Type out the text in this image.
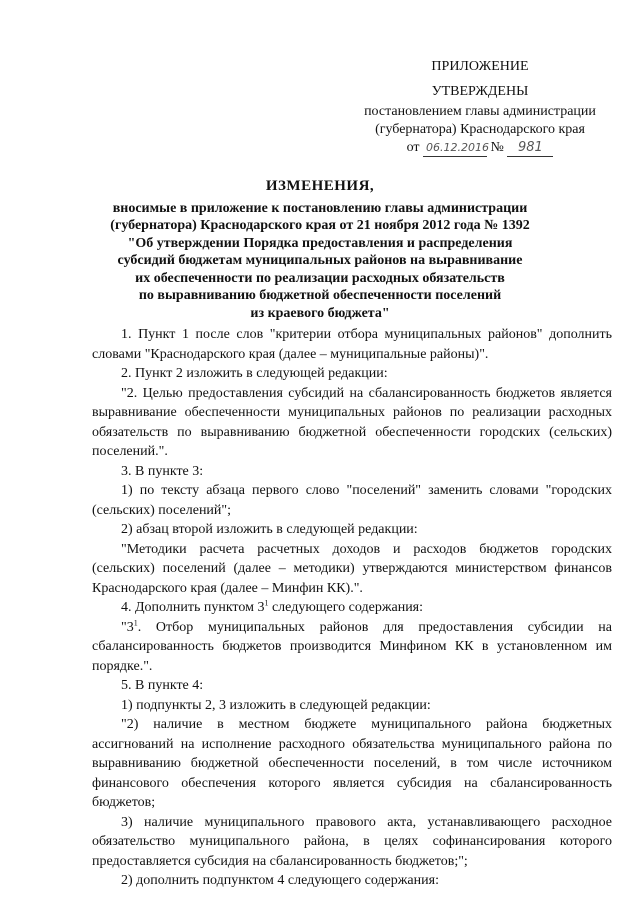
ПРИЛОЖЕНИЕ
УТВЕРЖДЕНЫ
постановлением главы администрации
(губернатора) Краснодарского края
от 06.12.2016 № 981
ИЗМЕНЕНИЯ,
вносимые в приложение к постановлению главы администрации
(губернатора) Краснодарского края от 21 ноября 2012 года № 1392
"Об утверждении Порядка предоставления и распределения
субсидий бюджетам муниципальных районов на выравнивание
их обеспеченности по реализации расходных обязательств
по выравниванию бюджетной обеспеченности поселений
из краевого бюджета"

1. Пункт 1 после слов "критерии отбора муниципальных районов" дополнить словами "Краснодарского края (далее – муниципальные районы)".

2. Пункт 2 изложить в следующей редакции:

"2. Целью предоставления субсидий на сбалансированность бюджетов является выравнивание обеспеченности муниципальных районов по реализации расходных обязательств по выравниванию бюджетной обеспеченности городских (сельских) поселений.".

3. В пункте 3:

1) по тексту абзаца первого слово "поселений" заменить словами "городских (сельских) поселений";

2) абзац второй изложить в следующей редакции:

"Методики расчета расчетных доходов и расходов бюджетов городских (сельских) поселений (далее – методики) утверждаются министерством финансов Краснодарского края (далее – Минфин КК).".

4. Дополнить пунктом $3^1$ следующего содержания:

"$3^1$. Отбор муниципальных районов для предоставления субсидии на сбалансированность бюджетов производится Минфином КК в установленном им порядке.".

5. В пункте 4:

1) подпункты 2, 3 изложить в следующей редакции:

"2) наличие в местном бюджете муниципального района бюджетных ассигнований на исполнение расходного обязательства муниципального района по выравниванию бюджетной обеспеченности поселений, в том числе источником финансового обеспечения которого является субсидия на сбалансированность бюджетов;

3) наличие муниципального правового акта, устанавливающего расходное обязательство муниципального района, в целях софинансирования которого предоставляется субсидия на сбалансированность бюджетов;";

2) дополнить подпунктом 4 следующего содержания:
